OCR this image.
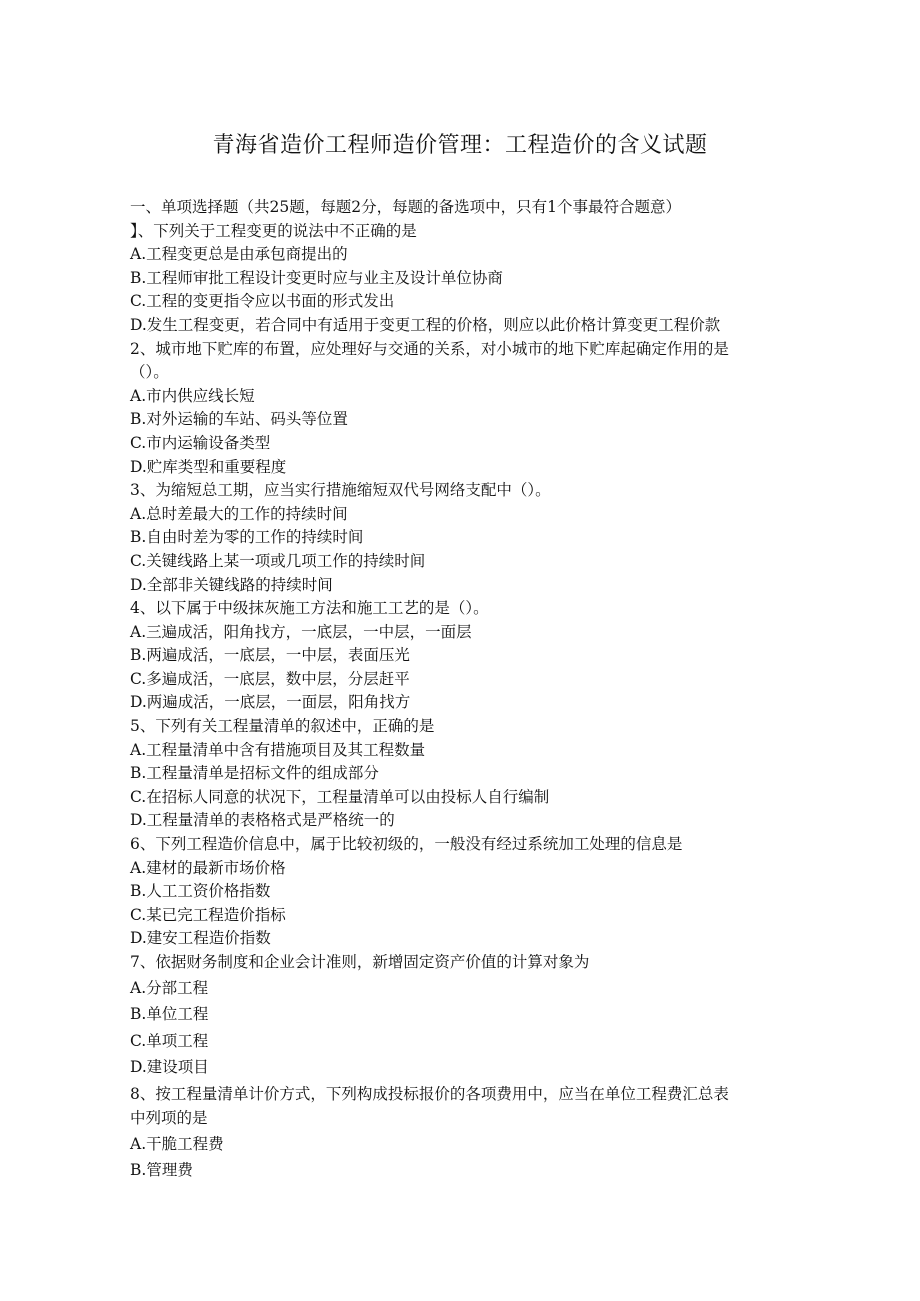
青海省造价工程师造价管理：工程造价的含义试题
一、单项选择题（共25题，每题2分，每题的备选项中，只有1个事最符合题意）
】、下列关于工程变更的说法中不正确的是
A.工程变更总是由承包商提出的
B.工程师审批工程设计变更时应与业主及设计单位协商
C.工程的变更指令应以书面的形式发出
D.发生工程变更，若合同中有适用于变更工程的价格，则应以此价格计算变更工程价款
2、城市地下贮库的布置，应处理好与交通的关系，对小城市的地下贮库起确定作用的是
（）。
A.市内供应线长短
B.对外运输的车站、码头等位置
C.市内运输设备类型
D.贮库类型和重要程度
3、为缩短总工期，应当实行措施缩短双代号网络支配中（）。
A.总时差最大的工作的持续时间
B.自由时差为零的工作的持续时间
C.关键线路上某一项或几项工作的持续时间
D.全部非关键线路的持续时间
4、以下属于中级抹灰施工方法和施工工艺的是（）。
A.三遍成活，阳角找方，一底层，一中层，一面层
B.两遍成活，一底层，一中层，表面压光
C.多遍成活，一底层，数中层，分层赶平
D.两遍成活，一底层，一面层，阳角找方
5、下列有关工程量清单的叙述中，正确的是
A.工程量清单中含有措施项目及其工程数量
B.工程量清单是招标文件的组成部分
C.在招标人同意的状况下，工程量清单可以由投标人自行编制
D.工程量清单的表格格式是严格统一的
6、下列工程造价信息中，属于比较初级的，一般没有经过系统加工处理的信息是
A.建材的最新市场价格
B.人工工资价格指数
C.某已完工程造价指标
D.建安工程造价指数
7、依据财务制度和企业会计准则，新增固定资产价值的计算对象为
A.分部工程
B.单位工程
C.单项工程
D.建设项目
8、按工程量清单计价方式，下列构成投标报价的各项费用中，应当在单位工程费汇总表
中列项的是
A.干脆工程费
B.管理费
